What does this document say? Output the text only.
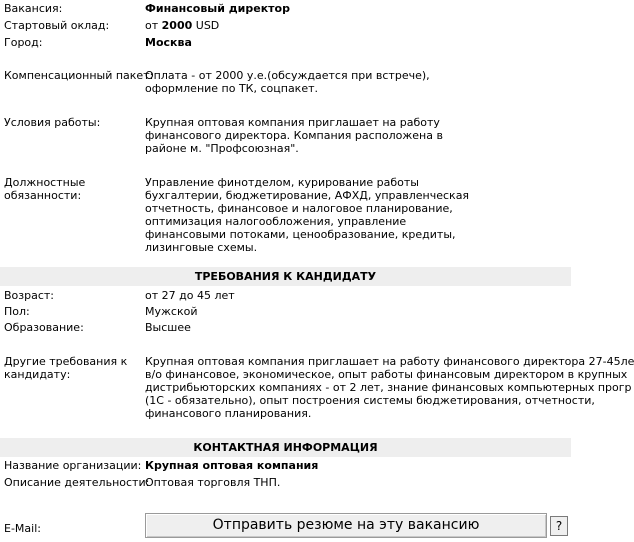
Вакансия:	Финансовый директор
Стартовый оклад:	от 2000 USD
Город:	Москва
Компенсационный пакет:
Оплата - от 2000 у.е.(обсуждается при встрече),
оформление по ТК, соцпакет.
Условия работы:	Крупная оптовая компания приглашает на работу
финансового директора. Компания расположена в
районе м. "Профсоюзная".
Должностные
обязанности:
Управление финотделом, курирование работы
бухгалтерии, бюджетирование, АФХД, управленческая
отчетность, финансовое и налоговое планирование,
оптимизация налогообложения, управление
финансовыми потоками, ценообразование, кредиты,
лизинговые схемы.
ТРЕБОВАНИЯ К КАНДИДАТУ
Возраст:	от 27 до 45 лет
Пол:	Мужской
Образование:	Высшее
Другие требования к
кандидату:
Крупная оптовая компания приглашает на работу финансового директора 27-45ле
в/о финансовое, экономическое, опыт работы финансовым директором в крупных
дистрибьюторских компаниях - от 2 лет, знание финансовых компьютерных прогр
(1С - обязательно), опыт построения системы бюджетирования, отчетности,
финансового планирования.
КОНТАКТНАЯ ИНФОРМАЦИЯ
Название организации: Крупная оптовая компания
Описание деятельности:
Оптовая торговля ТНП.
E-Mail:	Отправить резюме на эту вакансию	?
